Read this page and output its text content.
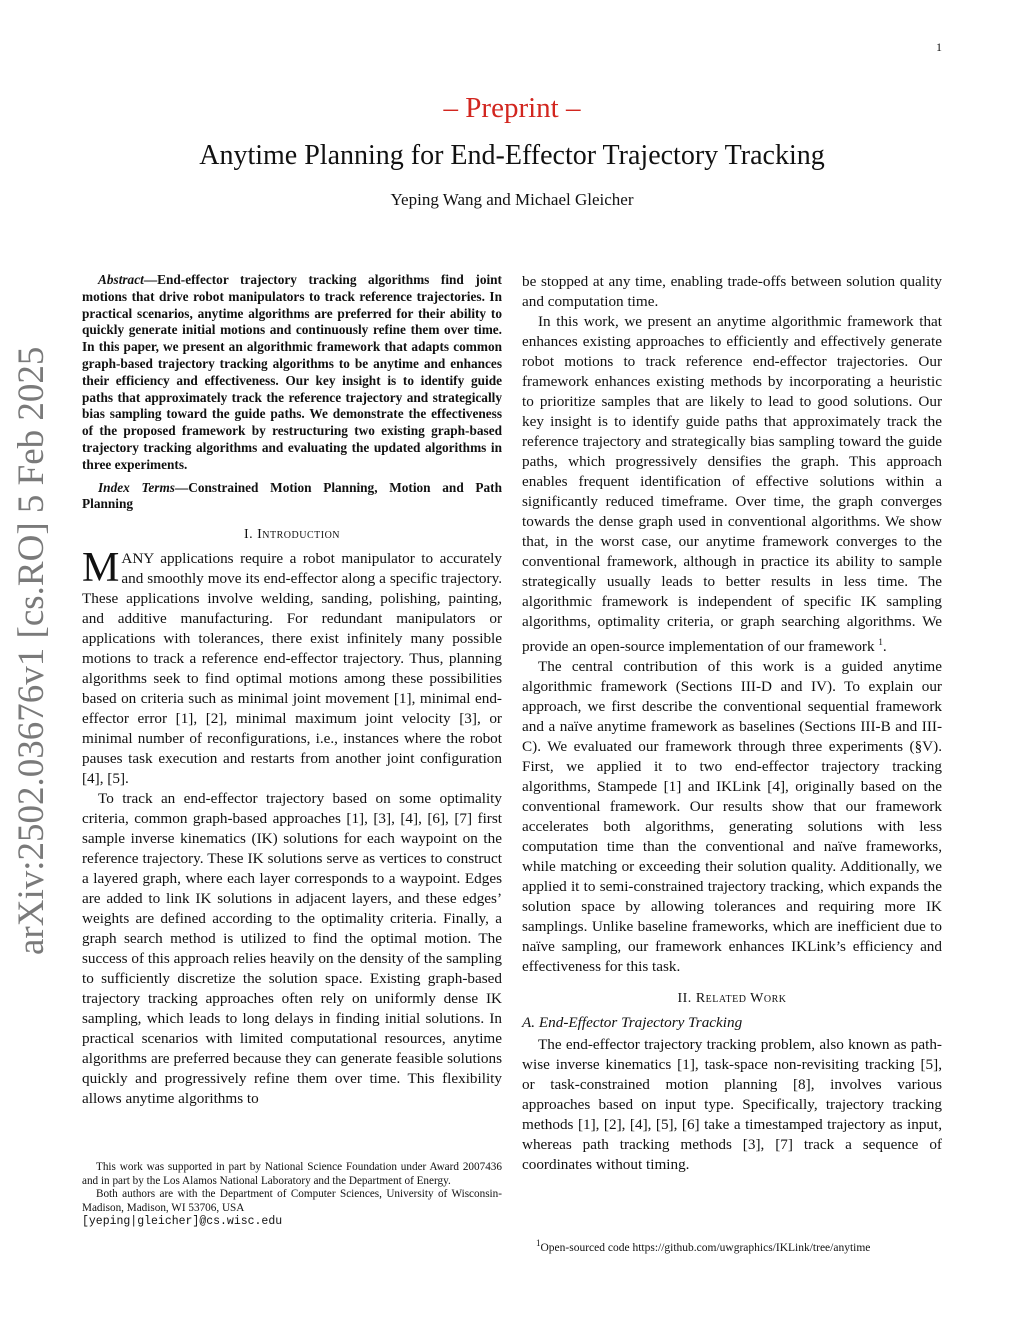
1
arXiv:2502.03676v1 [cs.RO] 5 Feb 2025
– Preprint –
Anytime Planning for End-Effector Trajectory Tracking
Yeping Wang and Michael Gleicher

Abstract—End-effector trajectory tracking algorithms find joint motions that drive robot manipulators to track reference trajectories. In practical scenarios, anytime algorithms are preferred for their ability to quickly generate initial motions and continuously refine them over time. In this paper, we present an algorithmic framework that adapts common graph-based trajectory tracking algorithms to be anytime and enhances their efficiency and effectiveness. Our key insight is to identify guide paths that approximately track the reference trajectory and strategically bias sampling toward the guide paths. We demonstrate the effectiveness of the proposed framework by restructuring two existing graph-based trajectory tracking algorithms and evaluating the updated algorithms in three experiments.

Index Terms—Constrained Motion Planning, Motion and Path Planning

I. Introduction

MANY applications require a robot manipulator to accurately and smoothly move its end-effector along a specific trajectory. These applications involve welding, sanding, polishing, painting, and additive manufacturing. For redundant manipulators or applications with tolerances, there exist infinitely many possible motions to track a reference end-effector trajectory. Thus, planning algorithms seek to find optimal motions among these possibilities based on criteria such as minimal joint movement [1], minimal end-effector error [1], [2], minimal maximum joint velocity [3], or minimal number of reconfigurations, i.e., instances where the robot pauses task execution and restarts from another joint configuration [4], [5].

To track an end-effector trajectory based on some optimality criteria, common graph-based approaches [1], [3], [4], [6], [7] first sample inverse kinematics (IK) solutions for each waypoint on the reference trajectory. These IK solutions serve as vertices to construct a layered graph, where each layer corresponds to a waypoint. Edges are added to link IK solutions in adjacent layers, and these edges’ weights are defined according to the optimality criteria. Finally, a graph search method is utilized to find the optimal motion. The success of this approach relies heavily on the density of the sampling to sufficiently discretize the solution space. Existing graph-based trajectory tracking approaches often rely on uniformly dense IK sampling, which leads to long delays in finding initial solutions. In practical scenarios with limited computational resources, anytime algorithms are preferred because they can generate feasible solutions quickly and progressively refine them over time. This flexibility allows anytime algorithms to

This work was supported in part by National Science Foundation under Award 2007436 and in part by the Los Alamos National Laboratory and the Department of Energy.

Both authors are with the Department of Computer Sciences, University of Wisconsin-Madison, Madison, WI 53706, USA

[yeping|gleicher]@cs.wisc.edu

be stopped at any time, enabling trade-offs between solution quality and computation time.

In this work, we present an anytime algorithmic framework that enhances existing approaches to efficiently and effectively generate robot motions to track reference end-effector trajectories. Our framework enhances existing methods by incorporating a heuristic to prioritize samples that are likely to lead to good solutions. Our key insight is to identify guide paths that approximately track the reference trajectory and strategically bias sampling toward the guide paths, which progressively densifies the graph. This approach enables frequent identification of effective solutions within a significantly reduced timeframe. Over time, the graph converges towards the dense graph used in conventional algorithms. We show that, in the worst case, our anytime framework converges to the conventional framework, although in practice its ability to sample strategically usually leads to better results in less time. The algorithmic framework is independent of specific IK sampling algorithms, optimality criteria, or graph searching algorithms. We provide an open-source implementation of our framework $^1$.

The central contribution of this work is a guided anytime algorithmic framework (Sections III-D and IV). To explain our approach, we first describe the conventional sequential framework and a naïve anytime framework as baselines (Sections III-B and III-C). We evaluated our framework through three experiments (§V). First, we applied it to two end-effector trajectory tracking algorithms, Stampede [1] and IKLink [4], originally based on the conventional framework. Our results show that our framework accelerates both algorithms, generating solutions with less computation time than the conventional and naïve frameworks, while matching or exceeding their solution quality. Additionally, we applied it to semi-constrained trajectory tracking, which expands the solution space by allowing tolerances and requiring more IK samplings. Unlike baseline frameworks, which are inefficient due to naïve sampling, our framework enhances IKLink’s efficiency and effectiveness for this task.

II. Related Work
A. End-Effector Trajectory Tracking

The end-effector trajectory tracking problem, also known as path-wise inverse kinematics [1], task-space non-revisiting tracking [5], or task-constrained motion planning [8], involves various approaches based on input type. Specifically, trajectory tracking methods [1], [2], [4], [5], [6] take a timestamped trajectory as input, whereas path tracking methods [3], [7] track a sequence of coordinates without timing.

$^1$Open-sourced code https://github.com/uwgraphics/IKLink/tree/anytime
